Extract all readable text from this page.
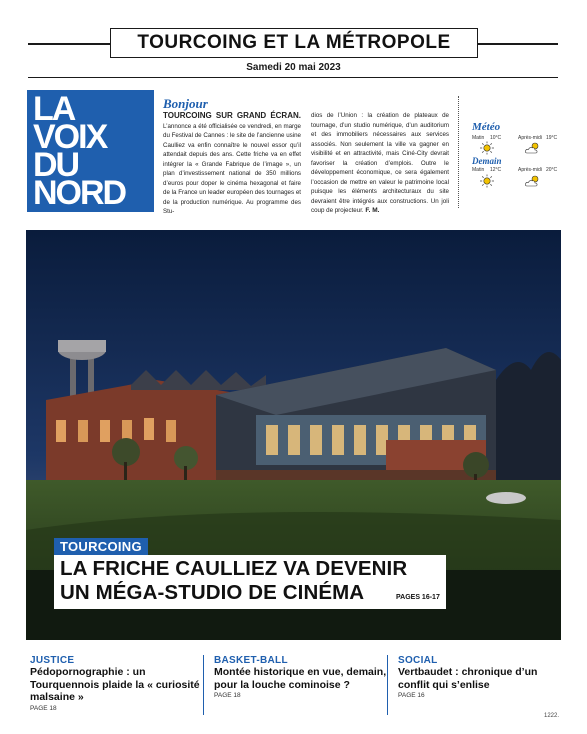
TOURCOING ET LA MÉTROPOLE
Samedi 20 mai 2023
LA
VOIX
DU
NORD
Bonjour

TOURCOING SUR GRAND ÉCRAN. L’annonce a été officialisée ce vendredi, en marge du Festival de Cannes : le site de l’ancienne usine Caulliez va enfin connaître le nouvel essor qu’il attendait depuis des ans. Cette friche va en effet intégrer la « Grande Fabrique de l’image », un plan d’investissement national de 350 millions d’euros pour doper le cinéma hexagonal et faire de la France un leader européen des tournages et de la production numérique. Au programme des Stu-

dios de l’Union : la création de plateaux de tournage, d’un studio numérique, d’un auditorium et des immobiliers nécessaires aux services associés. Non seulement la ville va gagner en visibilité et en attractivité, mais Ciné-City devrait favoriser la création d’emplois. Outre le développement économique, ce sera également l’occasion de mettre en valeur le patrimoine local puisque les éléments architecturaux du site devraient être intégrés aux constructions. Un joli coup de projecteur. F. M.

Météo
Matin 10°C	Après-midi 19°C
Demain
Matin 12°C	Après-midi 20°C
TOURCOING
LA FRICHE CAULLIEZ VA DEVENIR
UN MÉGA-STUDIO DE CINÉMA	PAGES 16-17
JUSTICE
Pédopornographie : un Tourquennois plaide la « curiosité malsaine »
PAGE 18
BASKET-BALL
Montée historique en vue, demain, pour la louche cominoise ?
PAGE 18
SOCIAL
Vertbaudet : chronique d’un conflit qui s’enlise
PAGE 16
1222.
